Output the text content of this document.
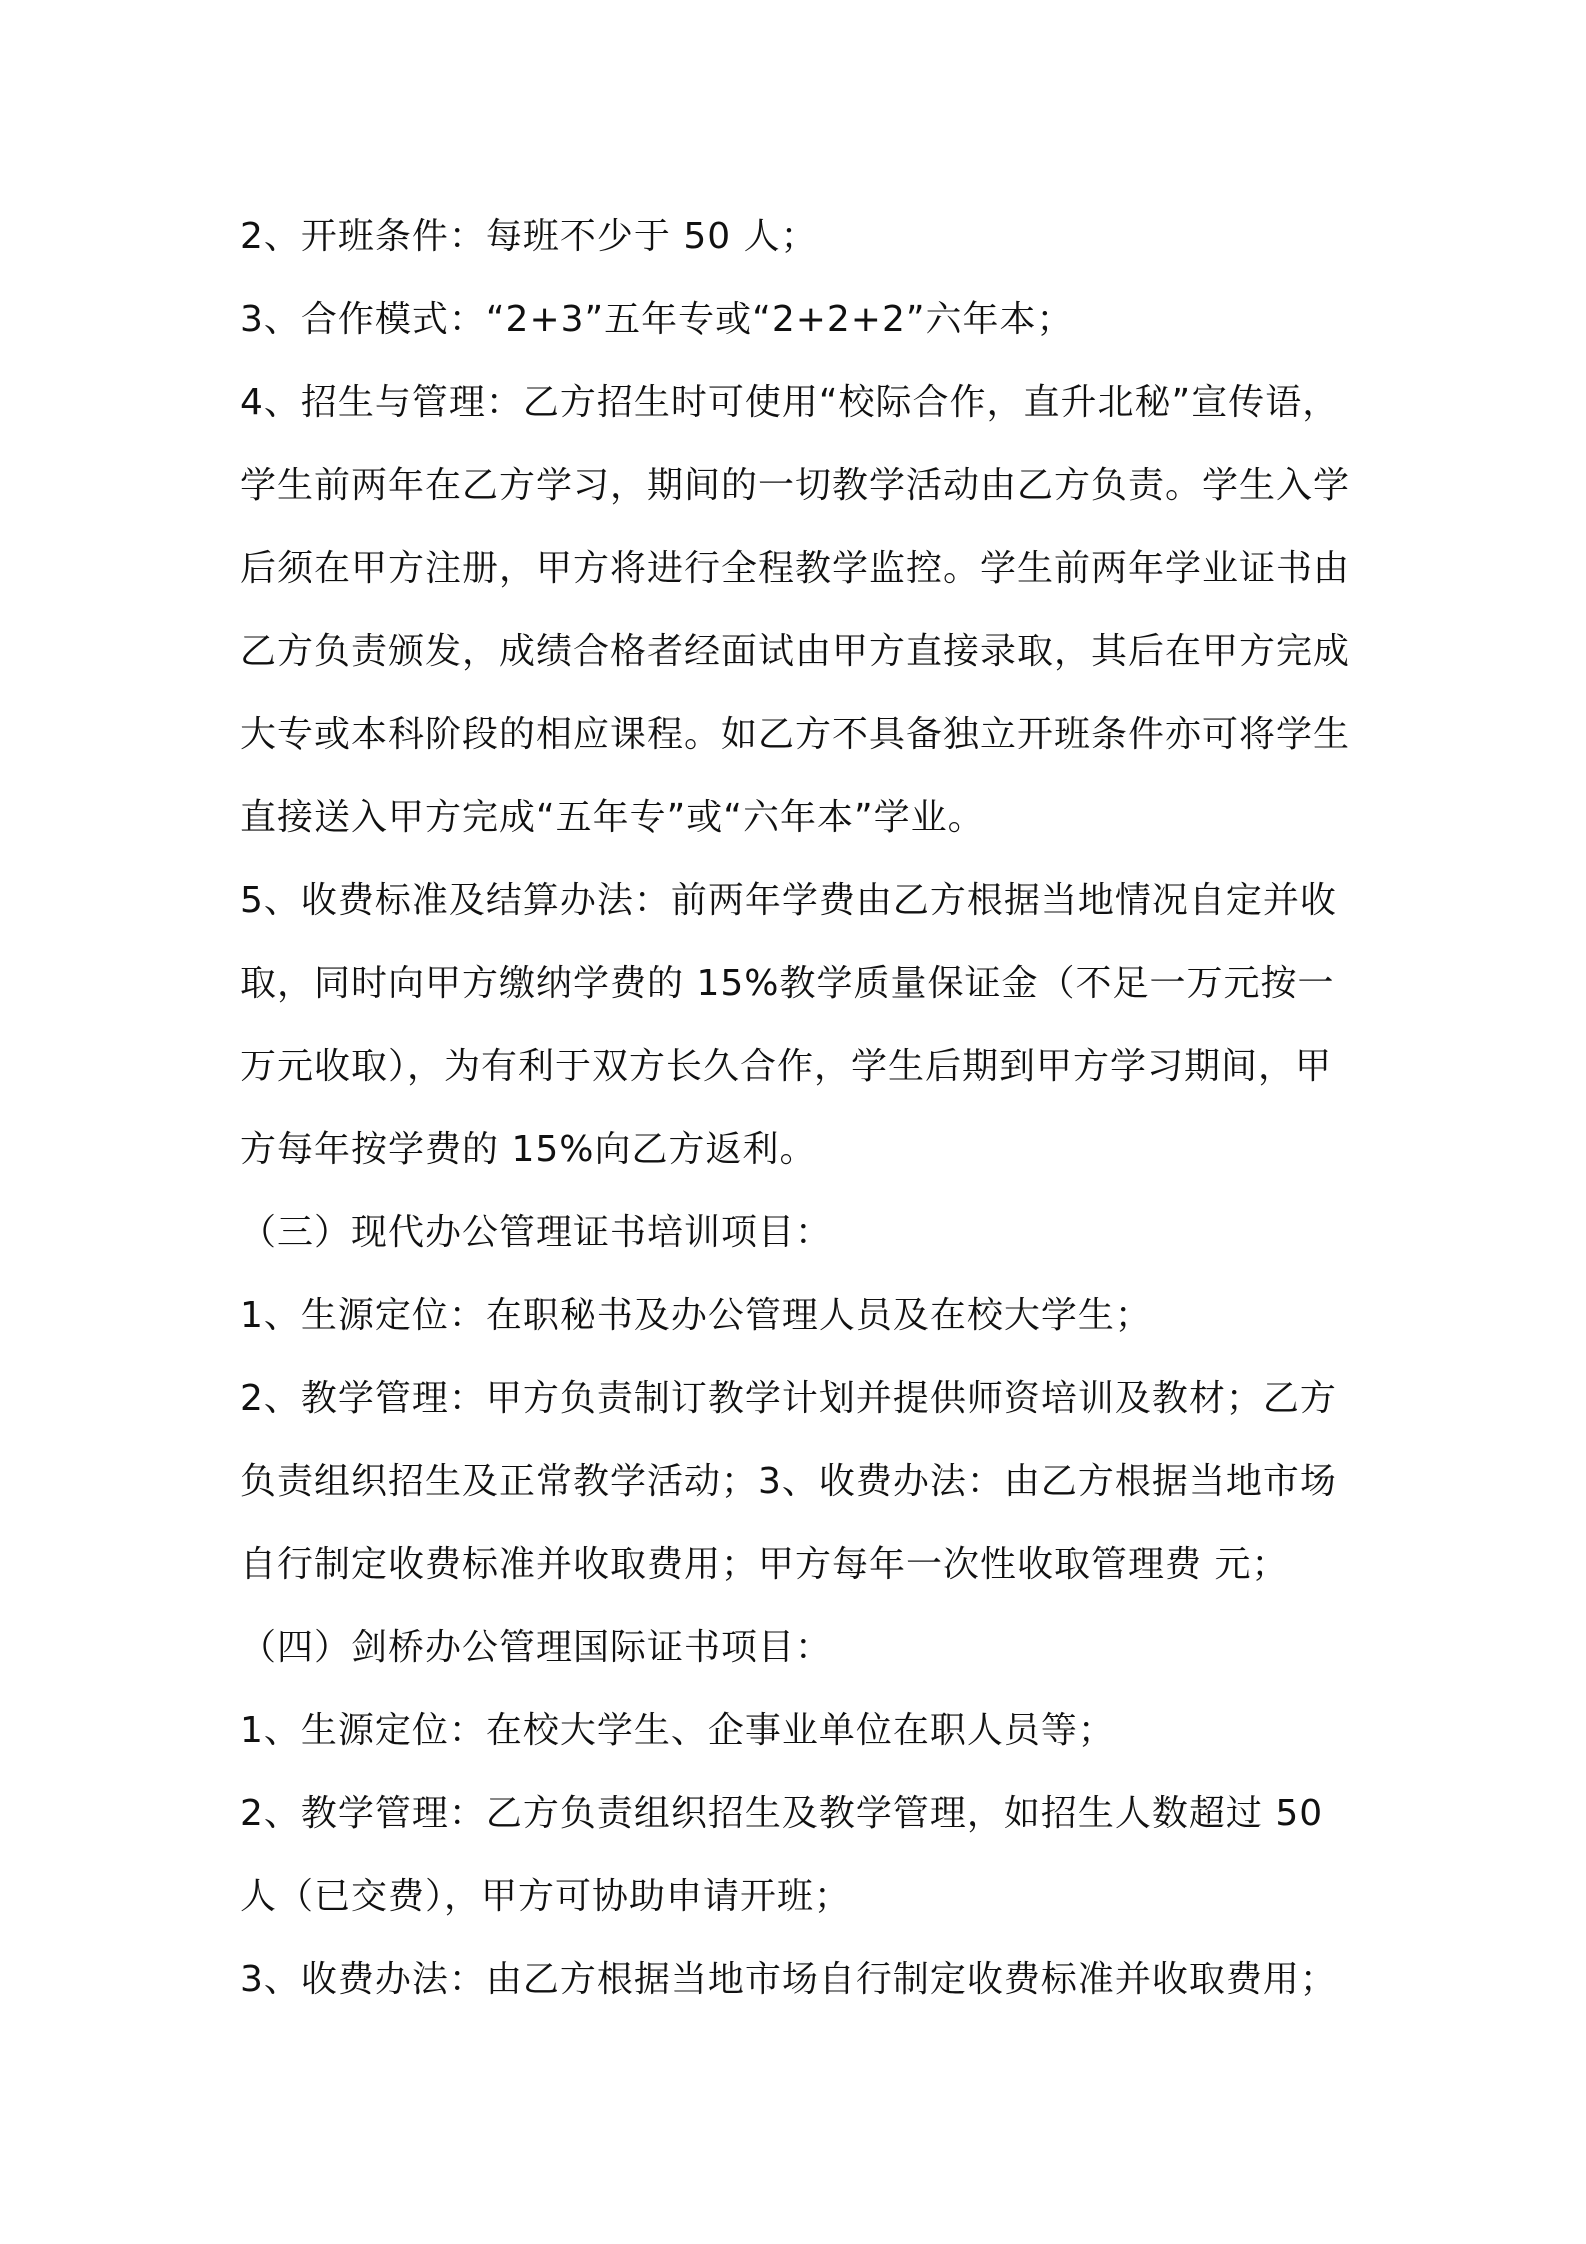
2、开班条件：每班不少于 50 人；
3、合作模式：“2+3”五年专或“2+2+2”六年本；
4、招生与管理：乙方招生时可使用“校际合作，直升北秘”宣传语，
学生前两年在乙方学习，期间的一切教学活动由乙方负责。学生入学
后须在甲方注册，甲方将进行全程教学监控。学生前两年学业证书由
乙方负责颁发，成绩合格者经面试由甲方直接录取，其后在甲方完成
大专或本科阶段的相应课程。如乙方不具备独立开班条件亦可将学生
直接送入甲方完成“五年专”或“六年本”学业。
5、收费标准及结算办法：前两年学费由乙方根据当地情况自定并收
取，同时向甲方缴纳学费的 15%教学质量保证金（不足一万元按一
万元收取），为有利于双方长久合作，学生后期到甲方学习期间，甲
方每年按学费的 15%向乙方返利。
（三）现代办公管理证书培训项目：
1、生源定位：在职秘书及办公管理人员及在校大学生；
2、教学管理：甲方负责制订教学计划并提供师资培训及教材；乙方
负责组织招生及正常教学活动；3、收费办法：由乙方根据当地市场
自行制定收费标准并收取费用；甲方每年一次性收取管理费 元；
（四）剑桥办公管理国际证书项目：
1、生源定位：在校大学生、企事业单位在职人员等；
2、教学管理：乙方负责组织招生及教学管理，如招生人数超过 50
人（已交费），甲方可协助申请开班；
3、收费办法：由乙方根据当地市场自行制定收费标准并收取费用；
